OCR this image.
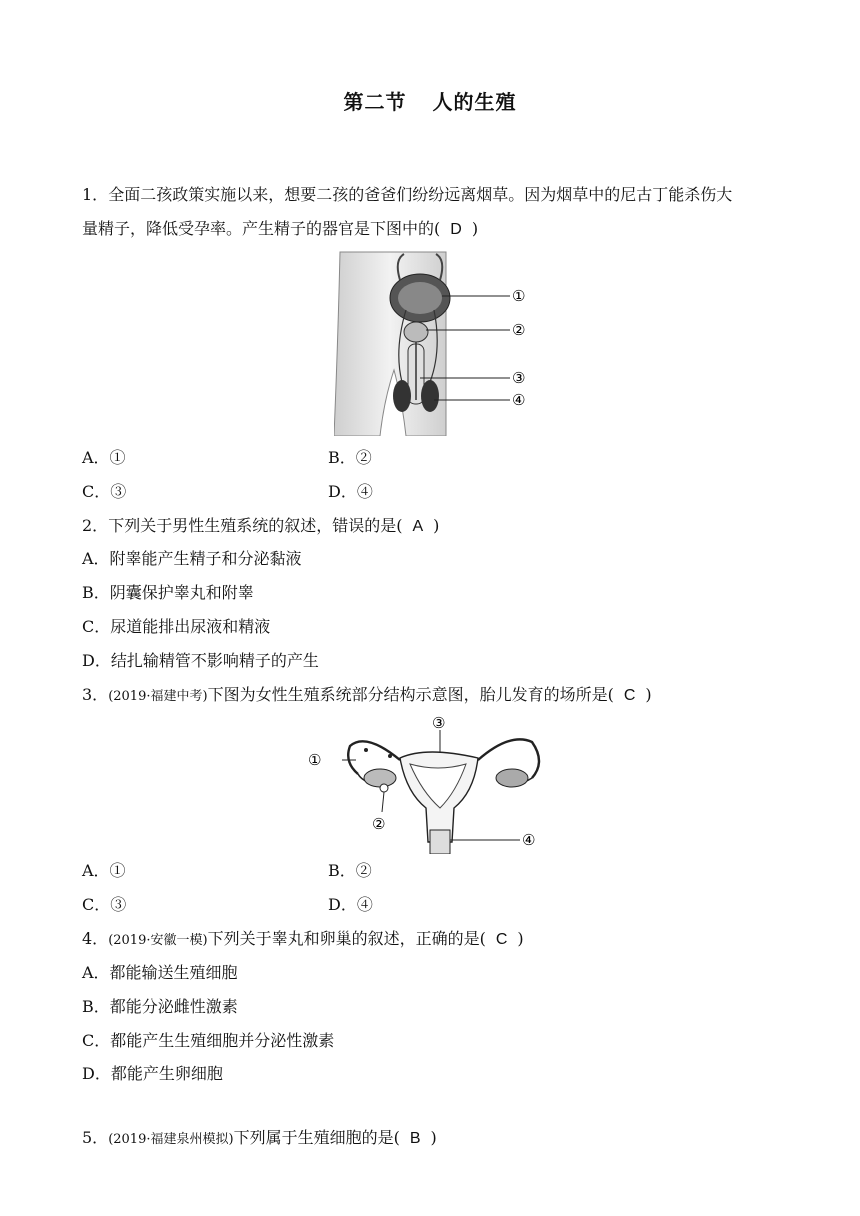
第二节 人的生殖
1．全面二孩政策实施以来，想要二孩的爸爸们纷纷远离烟草。因为烟草中的尼古丁能杀伤大
量精子，降低受孕率。产生精子的器官是下图中的( D )
①
②
③
④
A．①	B．②
C．③	D．④
2．下列关于男性生殖系统的叙述，错误的是( A )
A．附睾能产生精子和分泌黏液
B．阴囊保护睾丸和附睾
C．尿道能排出尿液和精液
D．结扎输精管不影响精子的产生
3．(2019·福建中考)下图为女性生殖系统部分结构示意图，胎儿发育的场所是( C )
①
②
③
④
A．①	B．②
C．③	D．④
4．(2019·安徽一模)下列关于睾丸和卵巢的叙述，正确的是( C )
A．都能输送生殖细胞
B．都能分泌雌性激素
C．都能产生生殖细胞并分泌性激素
D．都能产生卵细胞
5．(2019·福建泉州模拟)下列属于生殖细胞的是( B )
